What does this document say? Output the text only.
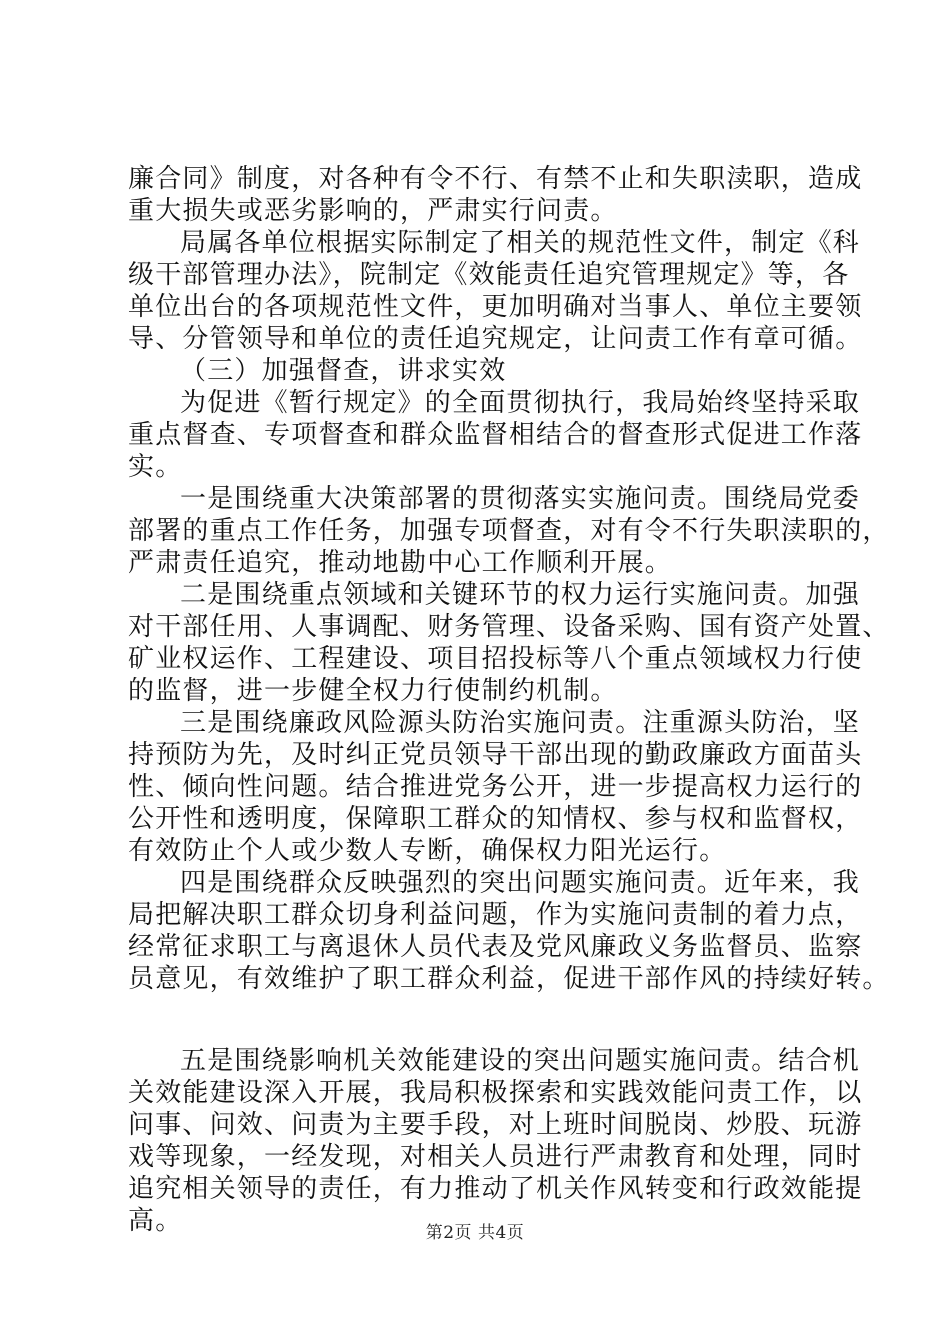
廉合同》制度，对各种有令不行、有禁不止和失职渎职，造成
重大损失或恶劣影响的，严肃实行问责。
局属各单位根据实际制定了相关的规范性文件，制定《科
级干部管理办法》，院制定《效能责任追究管理规定》等，各
单位出台的各项规范性文件，更加明确对当事人、单位主要领
导、分管领导和单位的责任追究规定，让问责工作有章可循。
（三）加强督查，讲求实效
为促进《暂行规定》的全面贯彻执行，我局始终坚持采取
重点督查、专项督查和群众监督相结合的督查形式促进工作落
实。
一是围绕重大决策部署的贯彻落实实施问责。围绕局党委
部署的重点工作任务，加强专项督查，对有令不行失职渎职的，
严肃责任追究，推动地勘中心工作顺利开展。
二是围绕重点领域和关键环节的权力运行实施问责。加强
对干部任用、人事调配、财务管理、设备采购、国有资产处置、
矿业权运作、工程建设、项目招投标等八个重点领域权力行使
的监督，进一步健全权力行使制约机制。
三是围绕廉政风险源头防治实施问责。注重源头防治，坚
持预防为先，及时纠正党员领导干部出现的勤政廉政方面苗头
性、倾向性问题。结合推进党务公开，进一步提高权力运行的
公开性和透明度，保障职工群众的知情权、参与权和监督权，
有效防止个人或少数人专断，确保权力阳光运行。
四是围绕群众反映强烈的突出问题实施问责。近年来，我
局把解决职工群众切身利益问题，作为实施问责制的着力点，
经常征求职工与离退休人员代表及党风廉政义务监督员、监察
员意见，有效维护了职工群众利益，促进干部作风的持续好转。
五是围绕影响机关效能建设的突出问题实施问责。结合机
关效能建设深入开展，我局积极探索和实践效能问责工作，以
问事、问效、问责为主要手段，对上班时间脱岗、炒股、玩游
戏等现象，一经发现，对相关人员进行严肃教育和处理，同时
追究相关领导的责任，有力推动了机关作风转变和行政效能提
高。	第2页 共4页
